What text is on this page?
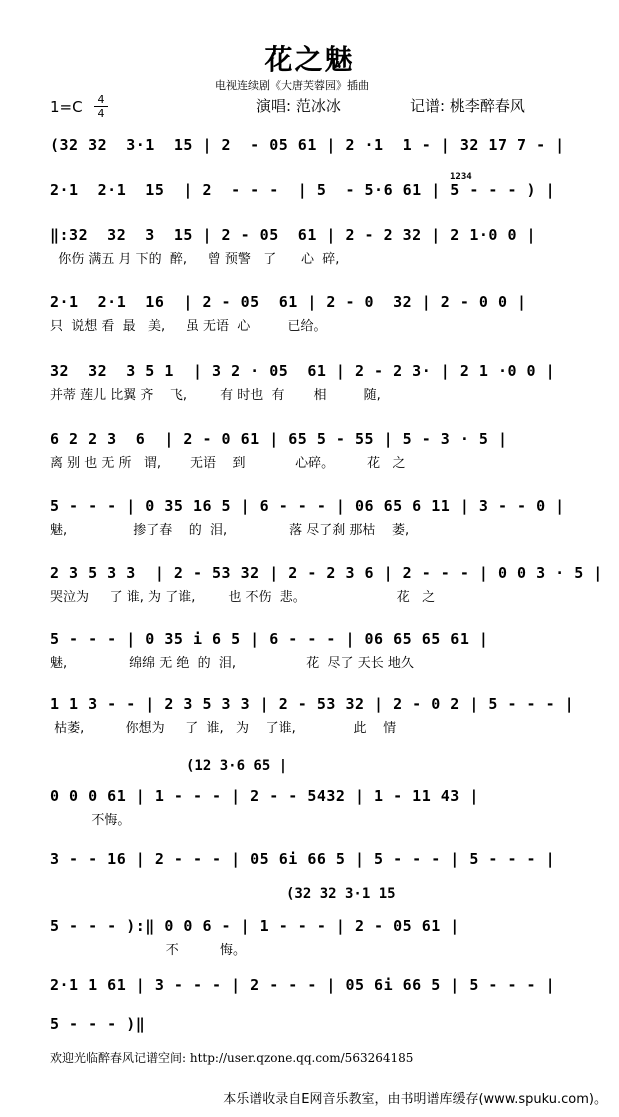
花之魅
电视连续剧《大唐芙蓉园》插曲
1=C	4
4	演唱: 范冰冰	记谱: 桃李醉春风
(12 3·6 65 |
(32 32 3·1 15
1234
(32 32  3·1  15 | 2  - 05 61 | 2 ·1  1 - | 32 17 7 - |
2·1  2·1  15  | 2  - - -  | 5  - 5·6 61 | 5 - - - ) |
‖:32  32  3  15 | 2 - 05  61 | 2 - 2 32 | 2 1·0 0 |
你伤 满五 月 下的  醉,     曾 预警   了      心  碎,
2·1  2·1  16  | 2 - 05  61 | 2 - 0  32 | 2 - 0 0 |
只  说想 看  最   美,     虽 无语  心         已给。
32  32  3 5 1  | 3 2 · 05  61 | 2 - 2 3· | 2 1 ·0 0 |
并蒂 莲儿 比翼 齐    飞,        有 时也  有       相         随,
6 2 2 3  6  | 2 - 0 61 | 65 5 - 55 | 5 - 3 · 5 |
离 别 也 无 所   谓,       无语    到            心碎。        花   之
5 - - - | 0 35 16 5 | 6 - - - | 06 65 6 11 | 3 - - 0 |
魅,                掺了春    的  泪,               落 尽了刹 那枯    萎,
2 3 5 3 3  | 2 - 53 32 | 2 - 2 3 6 | 2 - - - | 0 0 3 · 5 |
哭泣为     了 谁, 为 了谁,        也 不伤  悲。                      花   之
5 - - - | 0 35 i 6 5 | 6 - - - | 06 65 65 61 |
魅,               绵绵 无 绝  的  泪,                 花  尽了 天长 地久
1 1 3 - - | 2 3 5 3 3 | 2 - 53 32 | 2 - 0 2 | 5 - - - |
枯萎,          你想为     了  谁,   为    了谁,              此    情
0 0 0 61 | 1 - - - | 2 - - 5432 | 1 - 11 43 |
不悔。
3 - - 16 | 2 - - - | 05 6i 66 5 | 5 - - - | 5 - - - |
5 - - - ):‖ 0 0 6 - | 1 - - - | 2 - 05 61 |
不          悔。
2·1 1 61 | 3 - - - | 2 - - - | 05 6i 66 5 | 5 - - - |
5 - - - )‖
欢迎光临醉春风记谱空间: http://user.qzone.qq.com/563264185
本乐谱收录自E网音乐教室，由书明谱库缓存(www.spuku.com)。
